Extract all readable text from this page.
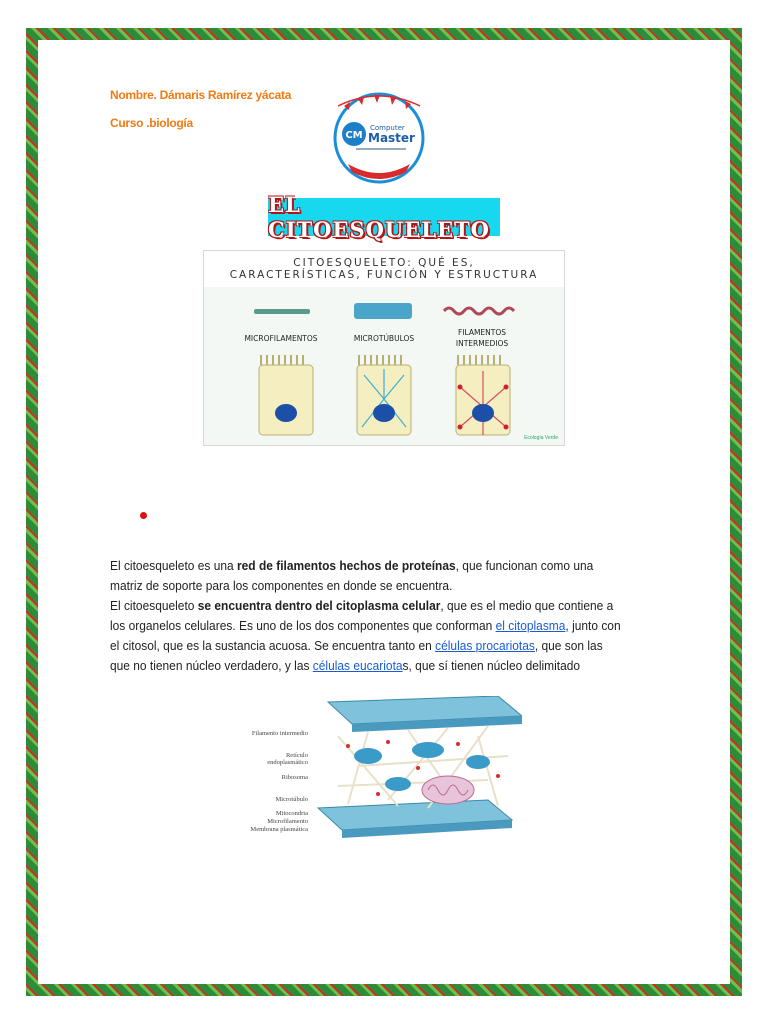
Nombre. Dámaris Ramírez yácata
Curso .biología
CM
Computer
Master
EL CITOESQUELETO
CITOESQUELETO: QUÉ ES,
CARACTERÍSTICAS, FUNCIÓN Y ESTRUCTURA
MICROFILAMENTOS	MICROTÚBULOS
FILAMENTOS
INTERMEDIOS
Ecología Verde

El citoesqueleto es una red de filamentos hechos de proteínas, que funcionan como una matriz de soporte para los componentes en donde se encuentra.

El citoesqueleto se encuentra dentro del citoplasma celular, que es el medio que contiene a los organelos celulares. Es uno de los dos componentes que conforman el citoplasma, junto con el citosol, que es la sustancia acuosa. Se encuentra tanto en células procariotas, que son las que no tienen núcleo verdadero, y las células eucariotas, que sí tienen núcleo delimitado

Filamento intermedio
Retículo endoplasmático
Ribosoma
Microtúbulo
Mitocondria
Microfilamento
Membrana plasmática
